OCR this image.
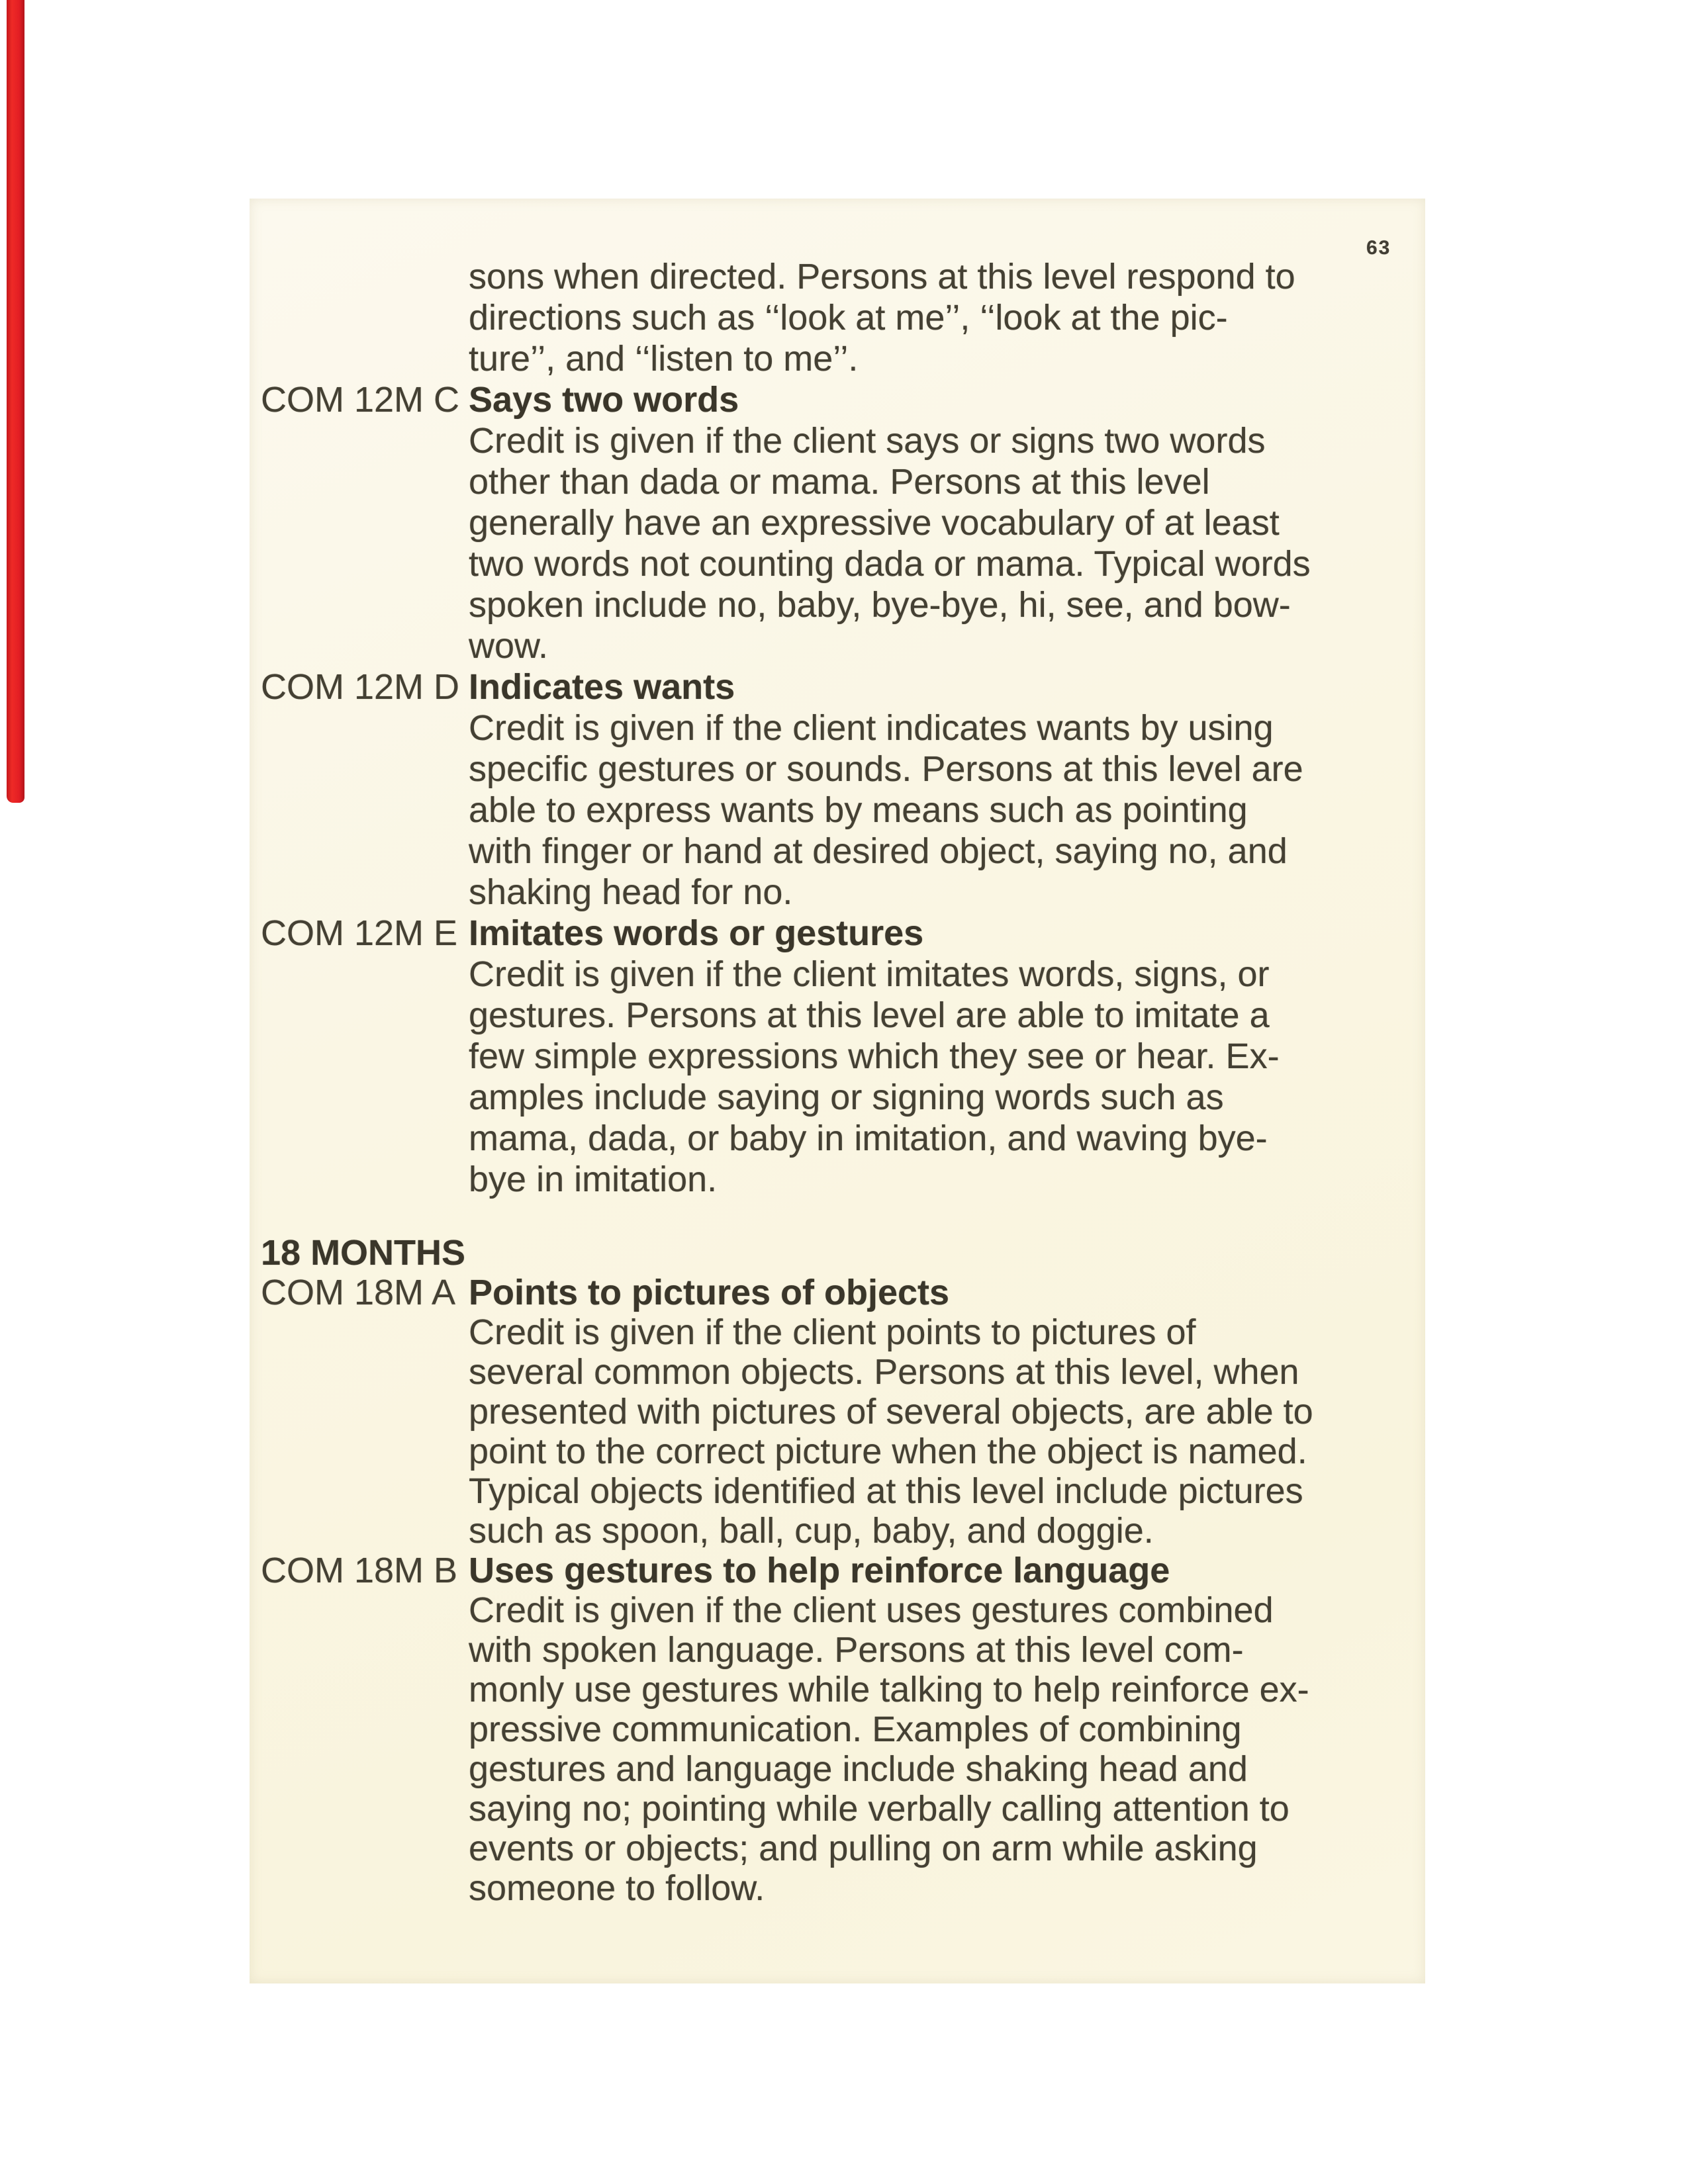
63
sons when directed. Persons at this level respond to
directions such as ‘‘look at me’’, ‘‘look at the pic-
ture’’, and ‘‘listen to me’’.
COM 12M C Says two words
Credit is given if the client says or signs two words
other than dada or mama. Persons at this level
generally have an expressive vocabulary of at least
two words not counting dada or mama. Typical words
spoken include no, baby, bye-bye, hi, see, and bow-
wow.
COM 12M D Indicates wants
Credit is given if the client indicates wants by using
specific gestures or sounds. Persons at this level are
able to express wants by means such as pointing
with finger or hand at desired object, saying no, and
shaking head for no.
COM 12M E Imitates words or gestures
Credit is given if the client imitates words, signs, or
gestures. Persons at this level are able to imitate a
few simple expressions which they see or hear. Ex-
amples include saying or signing words such as
mama, dada, or baby in imitation, and waving bye-
bye in imitation.
18 MONTHS
COM 18M A Points to pictures of objects
Credit is given if the client points to pictures of
several common objects. Persons at this level, when
presented with pictures of several objects, are able to
point to the correct picture when the object is named.
Typical objects identified at this level include pictures
such as spoon, ball, cup, baby, and doggie.
COM 18M B Uses gestures to help reinforce language
Credit is given if the client uses gestures combined
with spoken language. Persons at this level com-
monly use gestures while talking to help reinforce ex-
pressive communication. Examples of combining
gestures and language include shaking head and
saying no; pointing while verbally calling attention to
events or objects; and pulling on arm while asking
someone to follow.
